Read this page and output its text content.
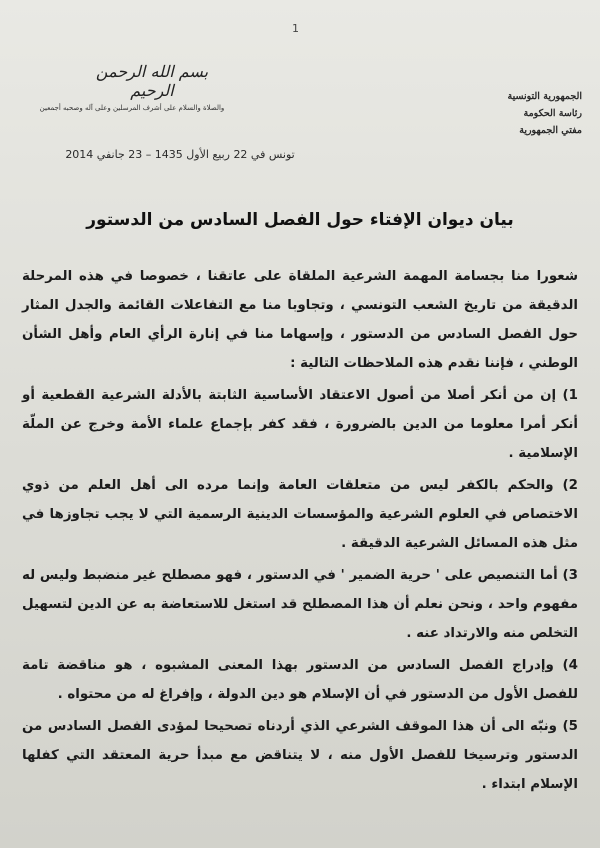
1
بسم الله الرحمن الرحيم
والصلاة والسلام على أشرف المرسلين وعلى آله وصحبه أجمعين
الجمهورية التونسية
رئاسة الحكومة
مفتي الجمهورية
تونس في 22 ربيع الأول 1435 – 23 جانفي 2014
بيان ديوان الإفتاء حول الفصل السادس من الدستور

شعورا منا بجسامة المهمة الشرعية الملقاة على عاتقنا ، خصوصا في هذه المرحلة الدقيقة من تاريخ الشعب التونسي ، وتجاوبا منا مع التفاعلات القائمة والجدل المثار حول الفصل السادس من الدستور ، وإسهاما منا في إنارة الرأي العام وأهل الشأن الوطني ، فإننا نقدم هذه الملاحظات التالية :

1) إن من أنكر أصلا من أصول الاعتقاد الأساسية الثابتة بالأدلة الشرعية القطعية أو أنكر أمرا معلوما من الدين بالضرورة ، فقد كفر بإجماع علماء الأمة وخرج عن الملّة الإسلامية .

2) والحكم بالكفر ليس من متعلقات العامة وإنما مرده الى أهل العلم من ذوي الاختصاص في العلوم الشرعية والمؤسسات الدينية الرسمية التي لا يجب تجاوزها في مثل هذه المسائل الشرعية الدقيقة .

3) أما التنصيص على ' حرية الضمير ' في الدستور ، فهو مصطلح غير منضبط وليس له مفهوم واحد ، ونحن نعلم أن هذا المصطلح قد استغل للاستعاضة به عن الدين لتسهيل التخلص منه والارتداد عنه .

4) وإدراج الفصل السادس من الدستور بهذا المعنى المشبوه ، هو مناقضة تامة للفصل الأول من الدستور في أن الإسلام هو دين الدولة ، وإفراغ له من محتواه .

5) ونبّه الى أن هذا الموقف الشرعي الذي أردناه تصحيحا لمؤدى الفصل السادس من الدستور وترسيخا للفصل الأول منه ، لا يتناقض مع مبدأ حرية المعتقد التي كفلها الإسلام ابتداء .
